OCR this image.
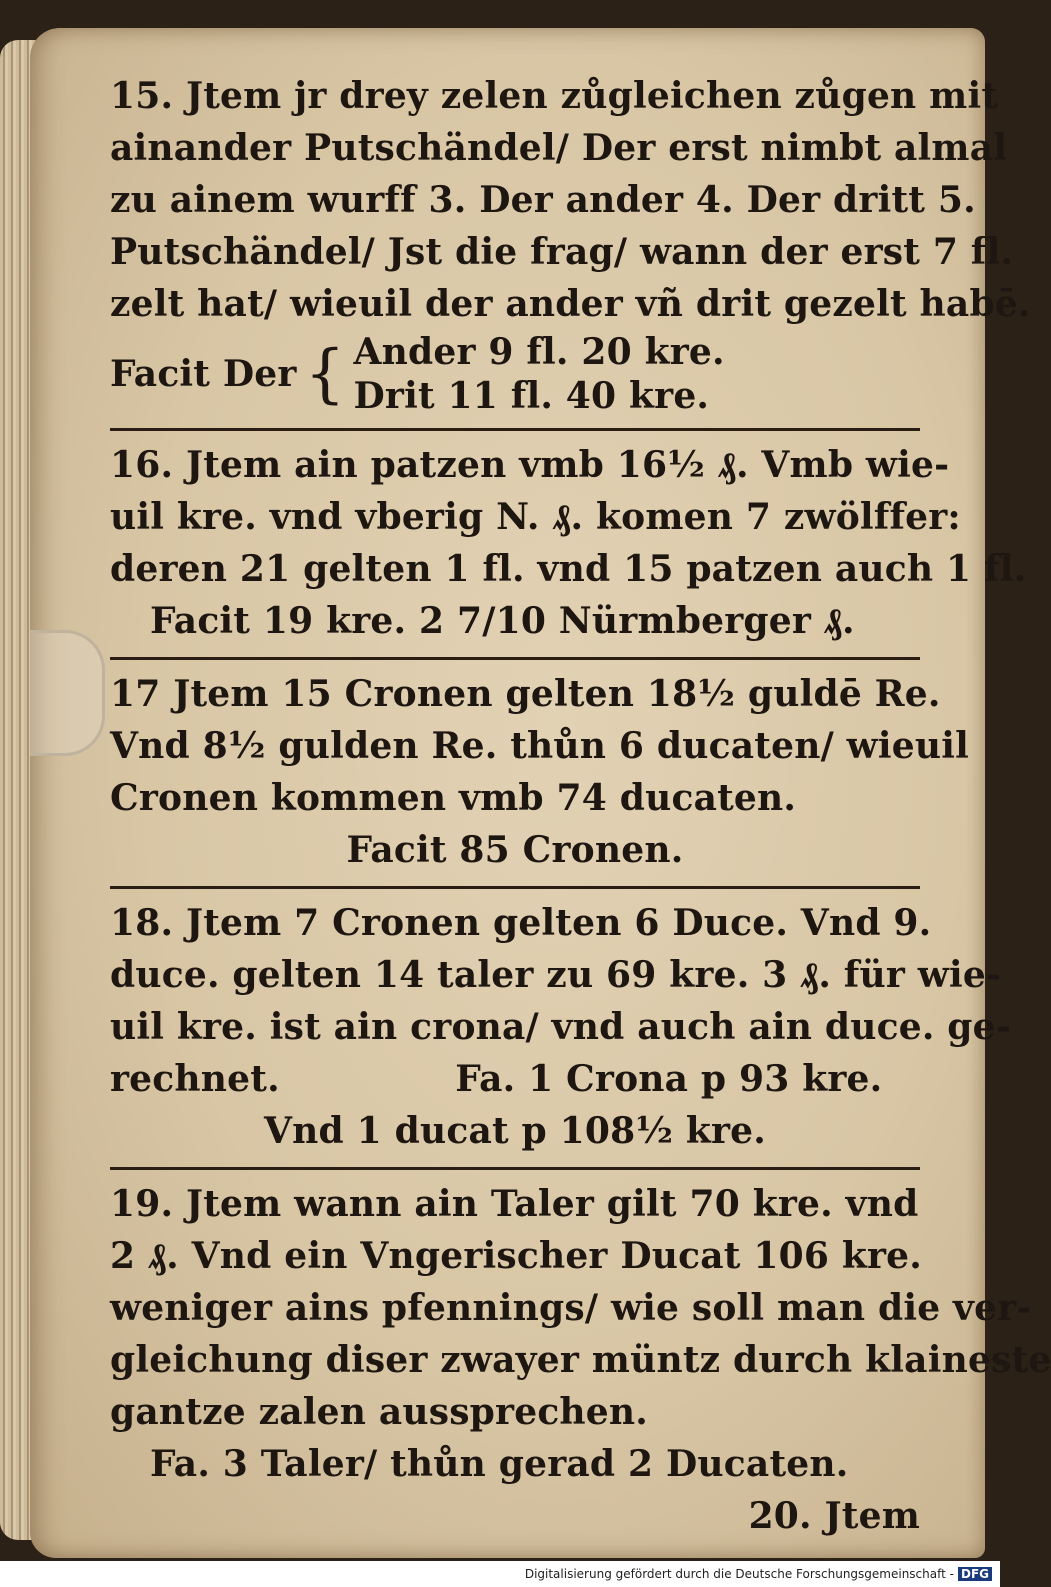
15. Jtem jr drey zelen zůgleichen zůgen mit
ainander Putschändel/ Der erst nimbt almal
zu ainem wurff 3. Der ander 4. Der dritt 5.
Putschändel/ Jst die frag/ wann der erst 7 fl.
zelt hat/ wieuil der ander vñ drit gezelt habē.
Facit Der { Ander 9 fl. 20 kre.
Drit 11 fl. 40 kre.
16. Jtem ain patzen vmb 16½ ₰. Vmb wie-
uil kre. vnd vberig N. ₰. komen 7 zwölffer:
deren 21 gelten 1 fl. vnd 15 patzen auch 1 fl.
Facit 19 kre. 2 7/10 Nürmberger ₰.
17 Jtem 15 Cronen gelten 18½ guldē Re.
Vnd 8½ gulden Re. thůn 6 ducaten/ wieuil
Cronen kommen vmb 74 ducaten.
Facit 85 Cronen.
18. Jtem 7 Cronen gelten 6 Duce. Vnd 9.
duce. gelten 14 taler zu 69 kre. 3 ₰. für wie-
uil kre. ist ain crona/ vnd auch ain duce. ge-
rechnet.	Fa. 1 Crona p 93 kre.
Vnd 1 ducat p 108½ kre.
19. Jtem wann ain Taler gilt 70 kre. vnd
2 ₰. Vnd ein Vngerischer Ducat 106 kre.
weniger ains pfennings/ wie soll man die ver-
gleichung diser zwayer müntz durch klaineste
gantze zalen aussprechen.
Fa. 3 Taler/ thůn gerad 2 Ducaten.
20. Jtem
Digitalisierung gefördert durch die Deutsche Forschungsgemeinschaft - DFG
